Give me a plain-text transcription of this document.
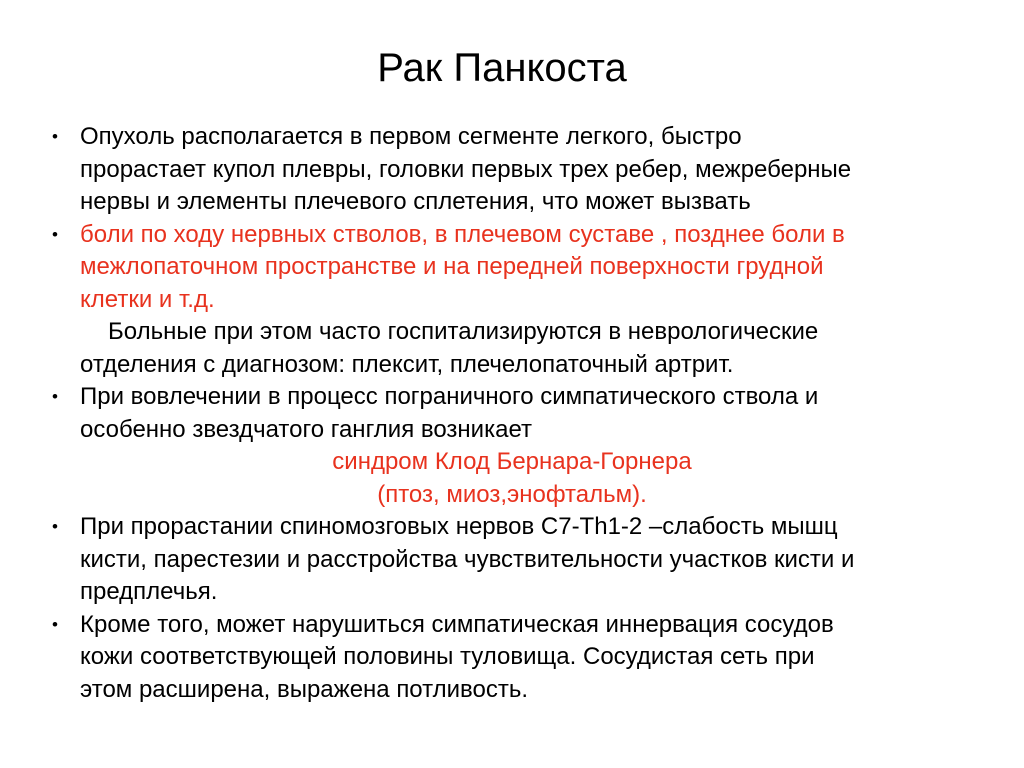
Рак Панкоста
• Опухоль располагается в первом сегменте легкого, быстро
прорастает купол плевры, головки первых трех ребер, межреберные
нервы и элементы плечевого сплетения, что может вызвать
• боли по ходу нервных стволов, в плечевом суставе , позднее боли в
межлопаточном пространстве и на передней поверхности грудной
клетки и т.д.
Больные при этом часто госпитализируются в неврологические
отделения с диагнозом: плексит, плечелопаточный артрит.
• При вовлечении в процесс пограничного симпатического ствола и
особенно звездчатого ганглия возникает
синдром Клод Бернара-Горнера
(птоз, миоз,энофтальм).
• При прорастании спиномозговых нервов С7-Th1-2 –слабость мышц
кисти, парестезии и расстройства чувствительности участков кисти и
предплечья.
• Кроме того, может нарушиться симпатическая иннервация сосудов
кожи соответствующей половины туловища. Сосудистая сеть при
этом расширена, выражена потливость.
